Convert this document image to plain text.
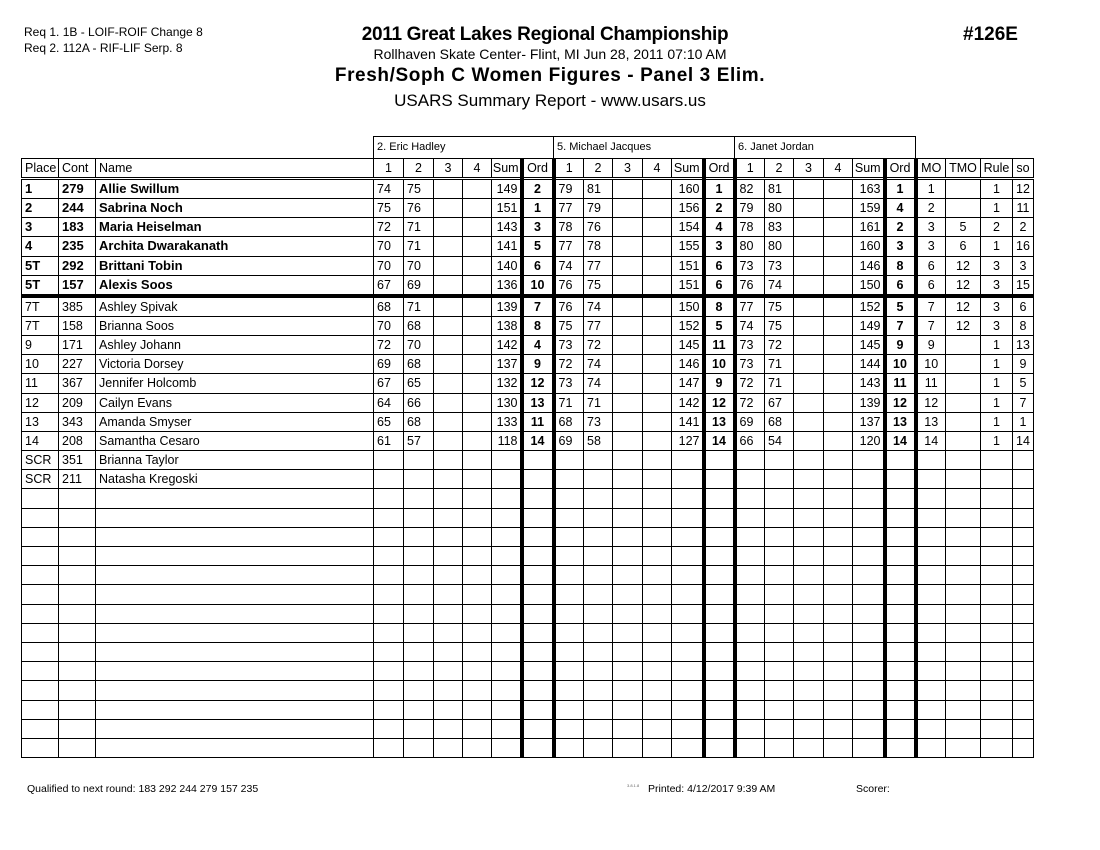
Req 1. 1B - LOIF-ROIF Change 8
Req 2. 112A - RIF-LIF Serp. 8
2011 Great Lakes Regional Championship
Rollhaven Skate Center- Flint, MI Jun 28, 2011 07:10 AM
Fresh/Soph C Women Figures - Panel 3 Elim.
USARS Summary Report - www.usars.us
#126E
			2. Eric Hadley						5. Michael Jacques						6. Janet Jordan									
Place	Cont	Name	1	2	3	4	Sum	Ord	1	2	3	4	Sum	Ord	1	2	3	4	Sum	Ord	MO	TMO	Rule	so
1	279	Allie Swillum	74	75			149	2	79	81			160	1	82	81			163	1	1		1	12
2	244	Sabrina Noch	75	76			151	1	77	79			156	2	79	80			159	4	2		1	11
3	183	Maria Heiselman	72	71			143	3	78	76			154	4	78	83			161	2	3	5	2	2
4	235	Archita Dwarakanath	70	71			141	5	77	78			155	3	80	80			160	3	3	6	1	16
5T	292	Brittani Tobin	70	70			140	6	74	77			151	6	73	73			146	8	6	12	3	3
5T	157	Alexis Soos	67	69			136	10	76	75			151	6	76	74			150	6	6	12	3	15
7T	385	Ashley Spivak	68	71			139	7	76	74			150	8	77	75			152	5	7	12	3	6
7T	158	Brianna Soos	70	68			138	8	75	77			152	5	74	75			149	7	7	12	3	8
9	171	Ashley Johann	72	70			142	4	73	72			145	11	73	72			145	9	9		1	13
10	227	Victoria Dorsey	69	68			137	9	72	74			146	10	73	71			144	10	10		1	9
11	367	Jennifer Holcomb	67	65			132	12	73	74			147	9	72	71			143	11	11		1	5
12	209	Cailyn Evans	64	66			130	13	71	71			142	12	72	67			139	12	12		1	7
13	343	Amanda Smyser	65	68			133	11	68	73			141	13	69	68			137	13	13		1	1
14	208	Samantha Cesaro	61	57			118	14	69	58			127	14	66	54			120	14	14		1	14
SCR	351	Brianna Taylor																						
SCR	211	Natasha Kregoski																						

Qualified to next round: 183 292 244 279 157 235	3.8.1.8 Printed: 4/12/2017 9:39 AM	Scorer:
